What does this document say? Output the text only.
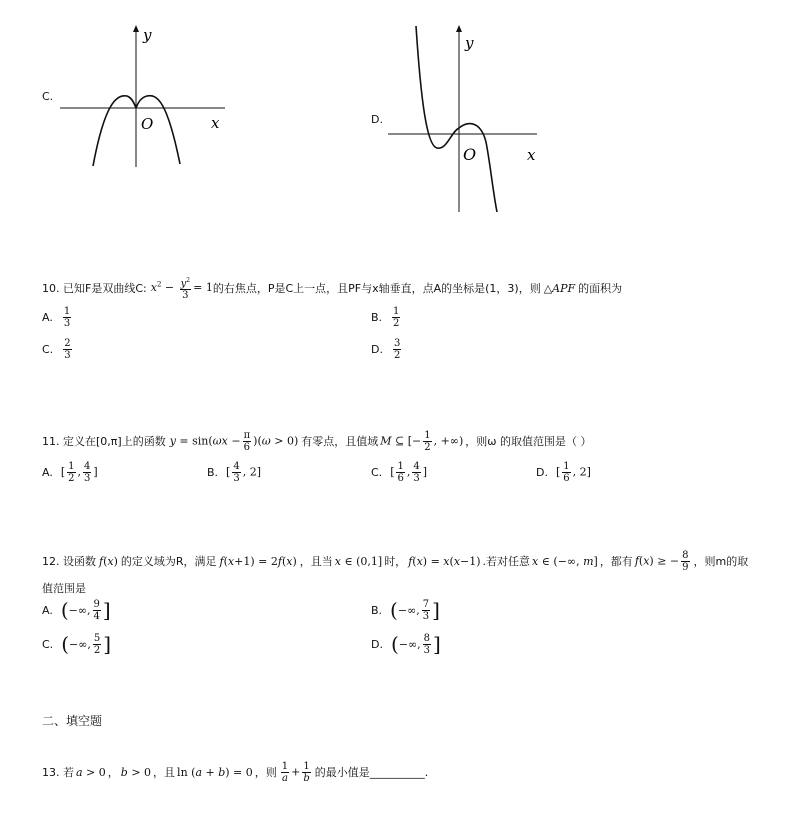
C.
y
x
O	D.
y
x
O
10. 已知F是双曲线C: $x^2 - \frac{y^2}{3} = 1$ 的右焦点，P是C上一点，且PF与x轴垂直，点A的坐标是(1，3)，则 △APF 的面积为
A. $\frac{1}{3}$	B. $\frac{1}{2}$
C. $\frac{2}{3}$	D. $\frac{3}{2}$
11. 定义在[0,π]上的函数 $y = \sin(\omega x - \frac{\pi}{6} )(\omega > 0)$ 有零点，且值域 M ⊆ [− $\frac{1}{2}$ , +∞) ，则ω 的取值范围是（ ）
A. [ $\frac{1}{2}$ , $\frac{4}{3}$ ]	B. [ $\frac{4}{3}$ , 2]	C. [ $\frac{1}{6}$ , $\frac{4}{3}$ ]	D. [ $\frac{1}{6}$ , 2]
12. 设函数 f(x) 的定义域为R，满足 f(x+1) = 2f(x) ，且当 x ∈ (0,1] 时， f(x) = x(x−1) .若对任意 x ∈ (−∞, m] ，都有 f(x) ≥ − $\frac{8}{9}$ ，则m的取
值范围是
A. ( −∞, $\frac{9}{4}$ ]	B. ( −∞, $\frac{7}{3}$ ]
C. ( −∞, $\frac{5}{2}$ ]	D. ( −∞, $\frac{8}{3}$ ]
二、填空题
13. 若 a > 0 ， b > 0 ，且 ln (a + b) = 0 ，则 $\frac{1}{a} + \frac{1}{b}$ 的最小值是 __________.
